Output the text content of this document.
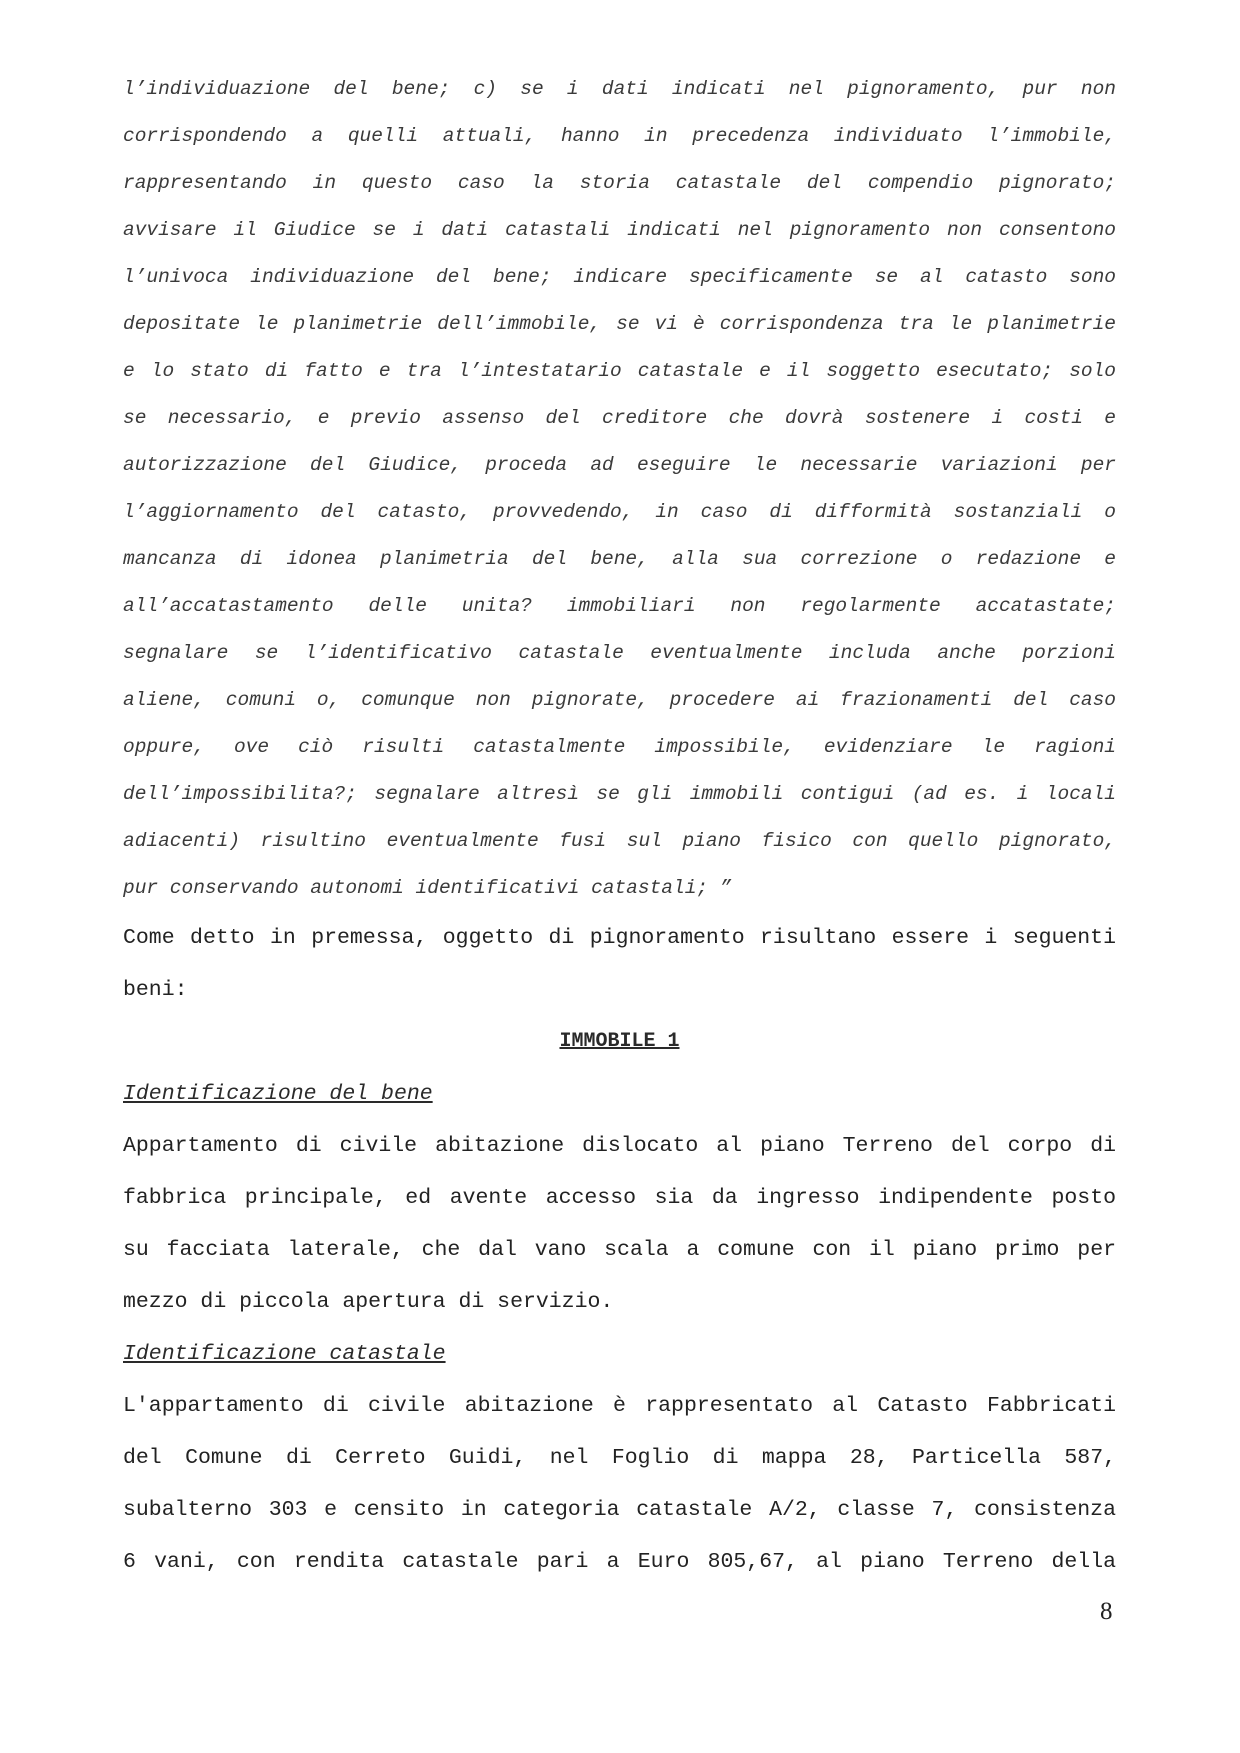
l’individuazione del bene; c) se i dati indicati nel pignoramento, pur non
corrispondendo a quelli attuali, hanno in precedenza individuato l’immobile,
rappresentando in questo caso la storia catastale del compendio pignorato;
avvisare il Giudice se i dati catastali indicati nel pignoramento non consentono
l’univoca individuazione del bene; indicare specificamente se al catasto sono
depositate le planimetrie dell’immobile, se vi è corrispondenza tra le planimetrie
e lo stato di fatto e tra l’intestatario catastale e il soggetto esecutato; solo
se necessario, e previo assenso del creditore che dovrà sostenere i costi e
autorizzazione del Giudice, proceda ad eseguire le necessarie variazioni per
l’aggiornamento del catasto, provvedendo, in caso di difformità sostanziali o
mancanza di idonea planimetria del bene, alla sua correzione o redazione e
all’accatastamento delle unita? immobiliari non regolarmente accatastate;
segnalare se l’identificativo catastale eventualmente includa anche porzioni
aliene, comuni o, comunque non pignorate, procedere ai frazionamenti del caso
oppure, ove ciò risulti catastalmente impossibile, evidenziare le ragioni
dell’impossibilita?; segnalare altresì se gli immobili contigui (ad es. i locali
adiacenti) risultino eventualmente fusi sul piano fisico con quello pignorato,
pur conservando autonomi identificativi catastali; ”
Come detto in premessa, oggetto di pignoramento risultano essere i seguenti
beni:
IMMOBILE 1
Identificazione del bene
Appartamento di civile abitazione dislocato al piano Terreno del corpo di
fabbrica principale, ed avente accesso sia da ingresso indipendente posto
su facciata laterale, che dal vano scala a comune con il piano primo per
mezzo di piccola apertura di servizio.
Identificazione catastale
L'appartamento di civile abitazione è rappresentato al Catasto Fabbricati
del Comune di Cerreto Guidi, nel Foglio di mappa 28, Particella 587,
subalterno 303 e censito in categoria catastale A/2, classe 7, consistenza
6 vani, con rendita catastale pari a Euro 805,67, al piano Terreno della
8
